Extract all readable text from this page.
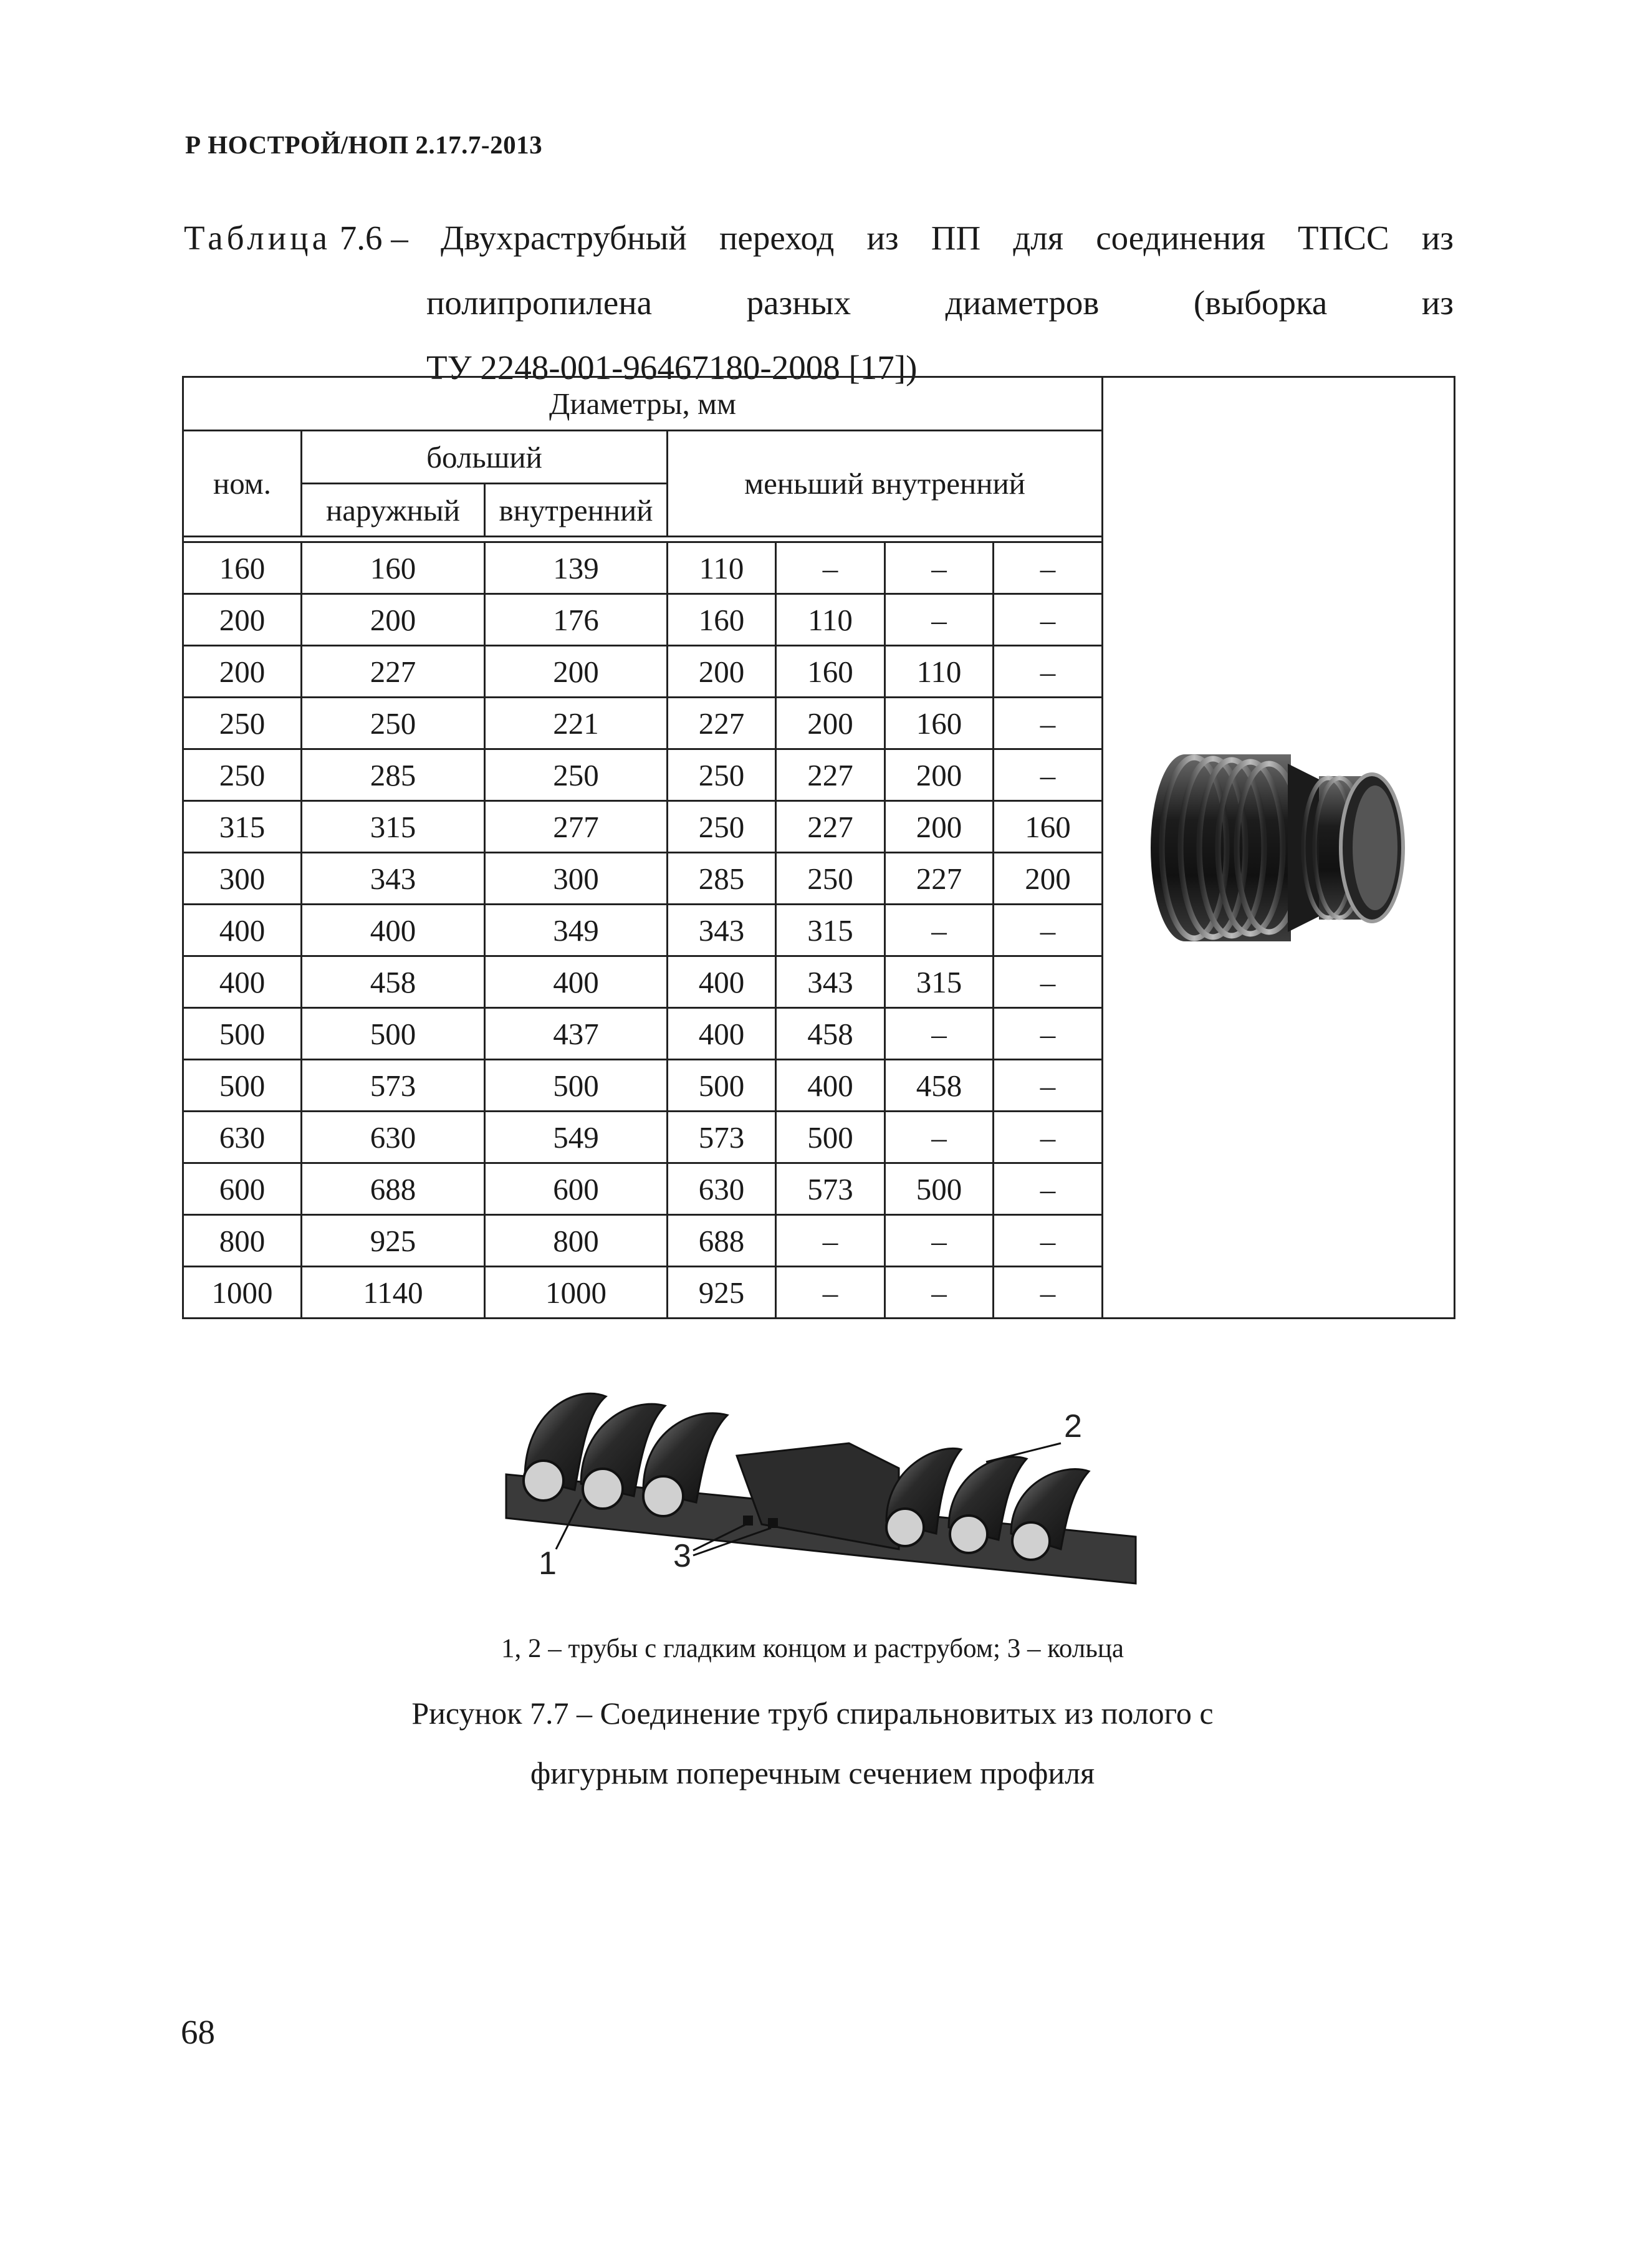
Р НОСТРОЙ/НОП 2.17.7-2013
Таблица 7.6 – Двухраструбный переход из ПП для соединения ТПСС из
полипропилена	разных	диаметров	(выборка	из
ТУ 2248-001-96467180-2008 [17])
Диаметры, мм	

ном.	больший		меньший внутренний				
	наружный	внутренний					

160	160	139	110	–	–	–	
200	200	176	160	110	–	–	
200	227	200	200	160	110	–	
250	250	221	227	200	160	–	
250	285	250	250	227	200	–	
315	315	277	250	227	200	160	
300	343	300	285	250	227	200	
400	400	349	343	315	–	–	
400	458	400	400	343	315	–	
500	500	437	400	458	–	–	
500	573	500	500	400	458	–	
630	630	549	573	500	–	–	
600	688	600	630	573	500	–	
800	925	800	688	–	–	–	
1000	1140	1000	925	–	–	–	
1
2
3
1, 2 – трубы с гладким концом и раструбом; 3 – кольца
Рисунок 7.7 – Соединение труб спиральновитых из полого с
фигурным поперечным сечением профиля
68
